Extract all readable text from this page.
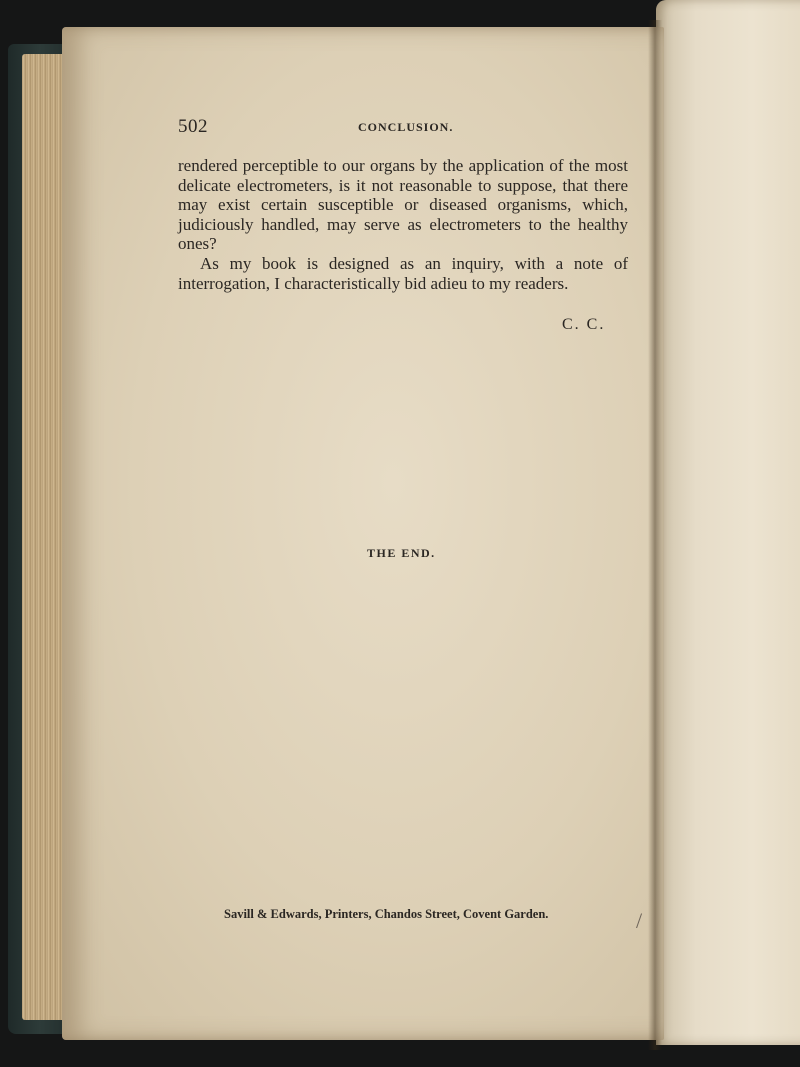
502	CONCLUSION.

rendered perceptible to our organs by the application of the most delicate electrometers, is it not reasonable to suppose, that there may exist certain susceptible or diseased organisms, which, judiciously handled, may serve as electrometers to the healthy ones?

As my book is designed as an inquiry, with a note of interrogation, I characteristically bid adieu to my readers.

C. C.
THE END.
Savill & Edwards, Printers, Chandos Street, Covent Garden.	/
